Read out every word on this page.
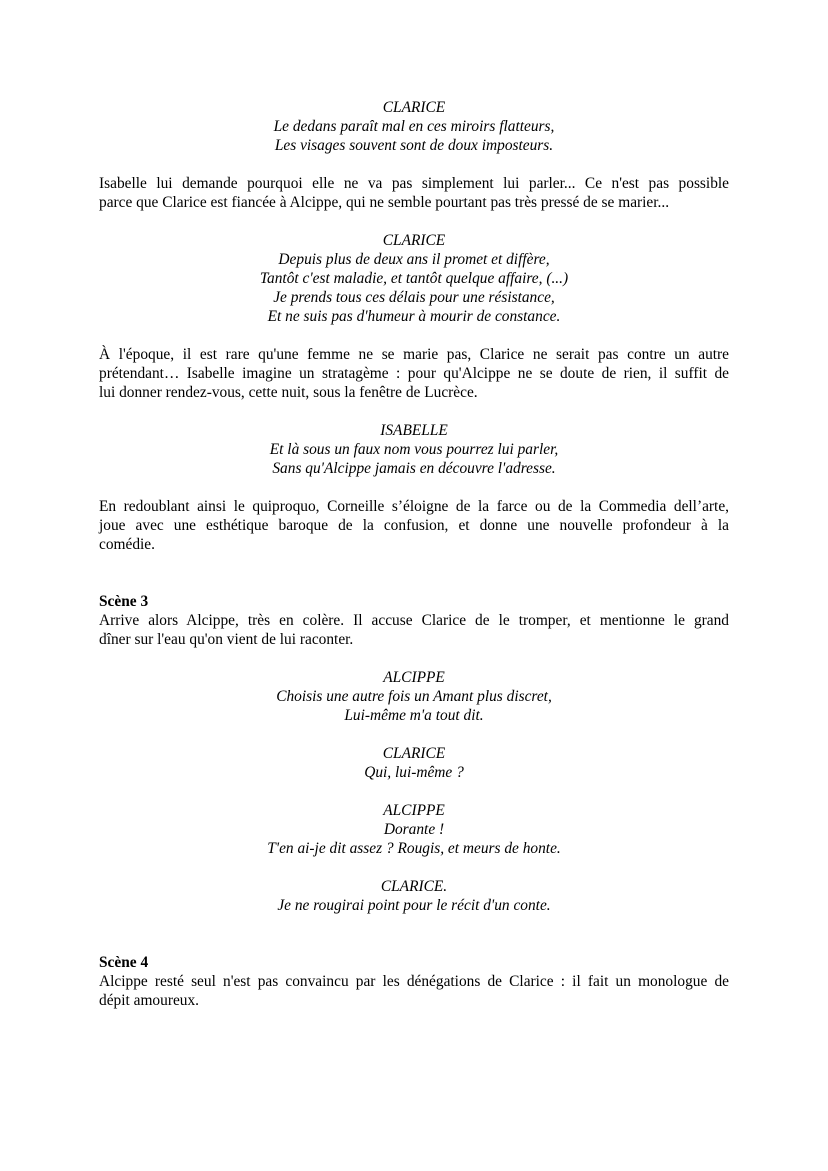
CLARICE
Le dedans paraît mal en ces miroirs flatteurs,
Les visages souvent sont de doux imposteurs.
Isabelle lui demande pourquoi elle ne va pas simplement lui parler... Ce n'est pas possible
parce que Clarice est fiancée à Alcippe, qui ne semble pourtant pas très pressé de se marier...
CLARICE
Depuis plus de deux ans il promet et diffère,
Tantôt c'est maladie, et tantôt quelque affaire, (...)
Je prends tous ces délais pour une résistance,
Et ne suis pas d'humeur à mourir de constance.
À l'époque, il est rare qu'une femme ne se marie pas, Clarice ne serait pas contre un autre
prétendant… Isabelle imagine un stratagème : pour qu'Alcippe ne se doute de rien, il suffit de
lui donner rendez-vous, cette nuit, sous la fenêtre de Lucrèce.
ISABELLE
Et là sous un faux nom vous pourrez lui parler,
Sans qu'Alcippe jamais en découvre l'adresse.
En redoublant ainsi le quiproquo, Corneille s’éloigne de la farce ou de la Commedia dell’arte,
joue avec une esthétique baroque de la confusion, et donne une nouvelle profondeur à la
comédie.
Scène 3
Arrive alors Alcippe, très en colère. Il accuse Clarice de le tromper, et mentionne le grand
dîner sur l'eau qu'on vient de lui raconter.
ALCIPPE
Choisis une autre fois un Amant plus discret,
Lui-même m'a tout dit.
CLARICE
Qui, lui-même ?
ALCIPPE
Dorante !
T'en ai-je dit assez ? Rougis, et meurs de honte.
CLARICE.
Je ne rougirai point pour le récit d'un conte.
Scène 4
Alcippe resté seul n'est pas convaincu par les dénégations de Clarice : il fait un monologue de
dépit amoureux.
